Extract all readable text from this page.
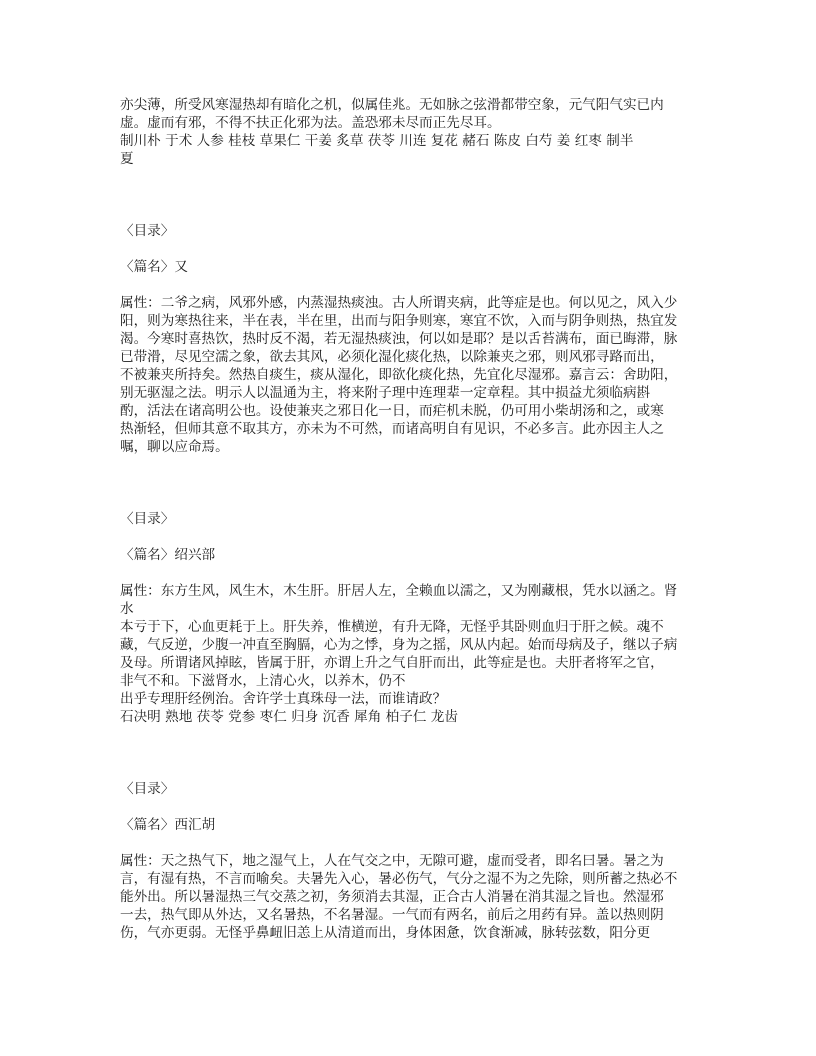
亦尖薄，所受风寒湿热却有暗化之机，似属佳兆。无如脉之弦滑都带空象，元气阳气实已内
虚。虚而有邪，不得不扶正化邪为法。盖恐邪未尽而正先尽耳。
制川朴 于术 人参 桂枝 草果仁 干姜 炙草 茯苓 川连 复花 赭石 陈皮 白芍 姜 红枣 制半
夏
〈目录〉
〈篇名〉又
属性：二爷之病，风邪外感，内蒸湿热痰浊。古人所谓夹病，此等症是也。何以见之，风入少
阳，则为寒热往来，半在表，半在里，出而与阳争则寒，寒宜不饮，入而与阴争则热，热宜发
渴。今寒时喜热饮，热时反不渴，若无湿热痰浊，何以如是耶？是以舌苔满布，面已晦滞，脉
已带滑，尽见空濡之象，欲去其风，必须化湿化痰化热，以除兼夹之邪，则风邪寻路而出，
不被兼夹所持矣。然热自痰生，痰从湿化，即欲化痰化热，先宜化尽湿邪。嘉言云：舍助阳，
别无驱湿之法。明示人以温通为主，将来附子理中连理辈一定章程。其中损益尤须临病斟
酌，活法在诸高明公也。设使兼夹之邪日化一日，而疟机未脱，仍可用小柴胡汤和之，或寒
热渐轻，但师其意不取其方，亦未为不可然，而诸高明自有见识，不必多言。此亦因主人之
嘱，聊以应命焉。
〈目录〉
〈篇名〉绍兴部
属性：东方生风，风生木，木生肝。肝居人左，全赖血以濡之，又为刚藏根，凭水以涵之。肾
水
本亏于下，心血更耗于上。肝失养，惟横逆，有升无降，无怪乎其卧则血归于肝之候。魂不
藏，气反逆，少腹一冲直至胸膈，心为之悸，身为之摇，风从内起。始而母病及子，继以子病
及母。所谓诸风掉眩，皆属于肝，亦谓上升之气自肝而出，此等症是也。夫肝者将军之官，
非气不和。下滋肾水，上清心火，以养木，仍不
出乎专理肝经例治。舍许学士真珠母一法，而谁请政？
石决明 熟地 茯苓 党参 枣仁 归身 沉香 犀角 柏子仁 龙齿
〈目录〉
〈篇名〉西汇胡
属性：天之热气下，地之湿气上，人在气交之中，无隙可避，虚而受者，即名曰暑。暑之为
言，有湿有热，不言而喻矣。夫暑先入心，暑必伤气，气分之湿不为之先除，则所蓄之热必不
能外出。所以暑湿热三气交蒸之初，务须消去其湿，正合古人消暑在消其湿之旨也。然湿邪
一去，热气即从外达，又名暑热，不名暑湿。一气而有两名，前后之用药有异。盖以热则阴
伤，气亦更弱。无怪乎鼻衄旧恙上从清道而出，身体困惫，饮食渐减，脉转弦数，阳分更
